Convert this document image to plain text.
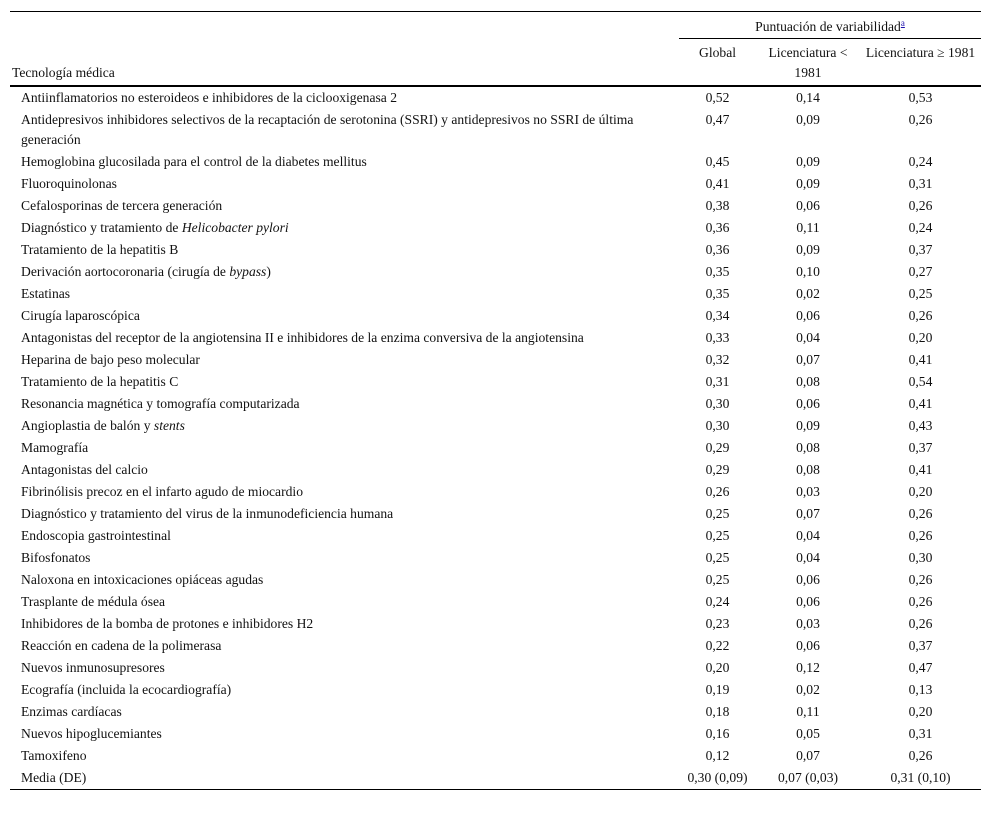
	Puntuación de variabilidad$^a$
Tecnología médica	Global	Licenciatura < 1981	Licenciatura ≥ 1981
Antiinflamatorios no esteroideos e inhibidores de la ciclooxigenasa 2	0,52	0,14	0,53
Antidepresivos inhibidores selectivos de la recaptación de serotonina (SSRI) y antidepresivos no SSRI de última generación	0,47	0,09	0,26
Hemoglobina glucosilada para el control de la diabetes mellitus	0,45	0,09	0,24
Fluoroquinolonas	0,41	0,09	0,31
Cefalosporinas de tercera generación	0,38	0,06	0,26
Diagnóstico y tratamiento de Helicobacter pylori	0,36	0,11	0,24
Tratamiento de la hepatitis B	0,36	0,09	0,37
Derivación aortocoronaria (cirugía de bypass)	0,35	0,10	0,27
Estatinas	0,35	0,02	0,25
Cirugía laparoscópica	0,34	0,06	0,26
Antagonistas del receptor de la angiotensina II e inhibidores de la enzima conversiva de la angiotensina	0,33	0,04	0,20
Heparina de bajo peso molecular	0,32	0,07	0,41
Tratamiento de la hepatitis C	0,31	0,08	0,54
Resonancia magnética y tomografía computarizada	0,30	0,06	0,41
Angioplastia de balón y stents	0,30	0,09	0,43
Mamografía	0,29	0,08	0,37
Antagonistas del calcio	0,29	0,08	0,41
Fibrinólisis precoz en el infarto agudo de miocardio	0,26	0,03	0,20
Diagnóstico y tratamiento del virus de la inmunodeficiencia humana	0,25	0,07	0,26
Endoscopia gastrointestinal	0,25	0,04	0,26
Bifosfonatos	0,25	0,04	0,30
Naloxona en intoxicaciones opiáceas agudas	0,25	0,06	0,26
Trasplante de médula ósea	0,24	0,06	0,26
Inhibidores de la bomba de protones e inhibidores H2	0,23	0,03	0,26
Reacción en cadena de la polimerasa	0,22	0,06	0,37
Nuevos inmunosupresores	0,20	0,12	0,47
Ecografía (incluida la ecocardiografía)	0,19	0,02	0,13
Enzimas cardíacas	0,18	0,11	0,20
Nuevos hipoglucemiantes	0,16	0,05	0,31
Tamoxifeno	0,12	0,07	0,26
Media (DE)	0,30 (0,09)	0,07 (0,03)	0,31 (0,10)
